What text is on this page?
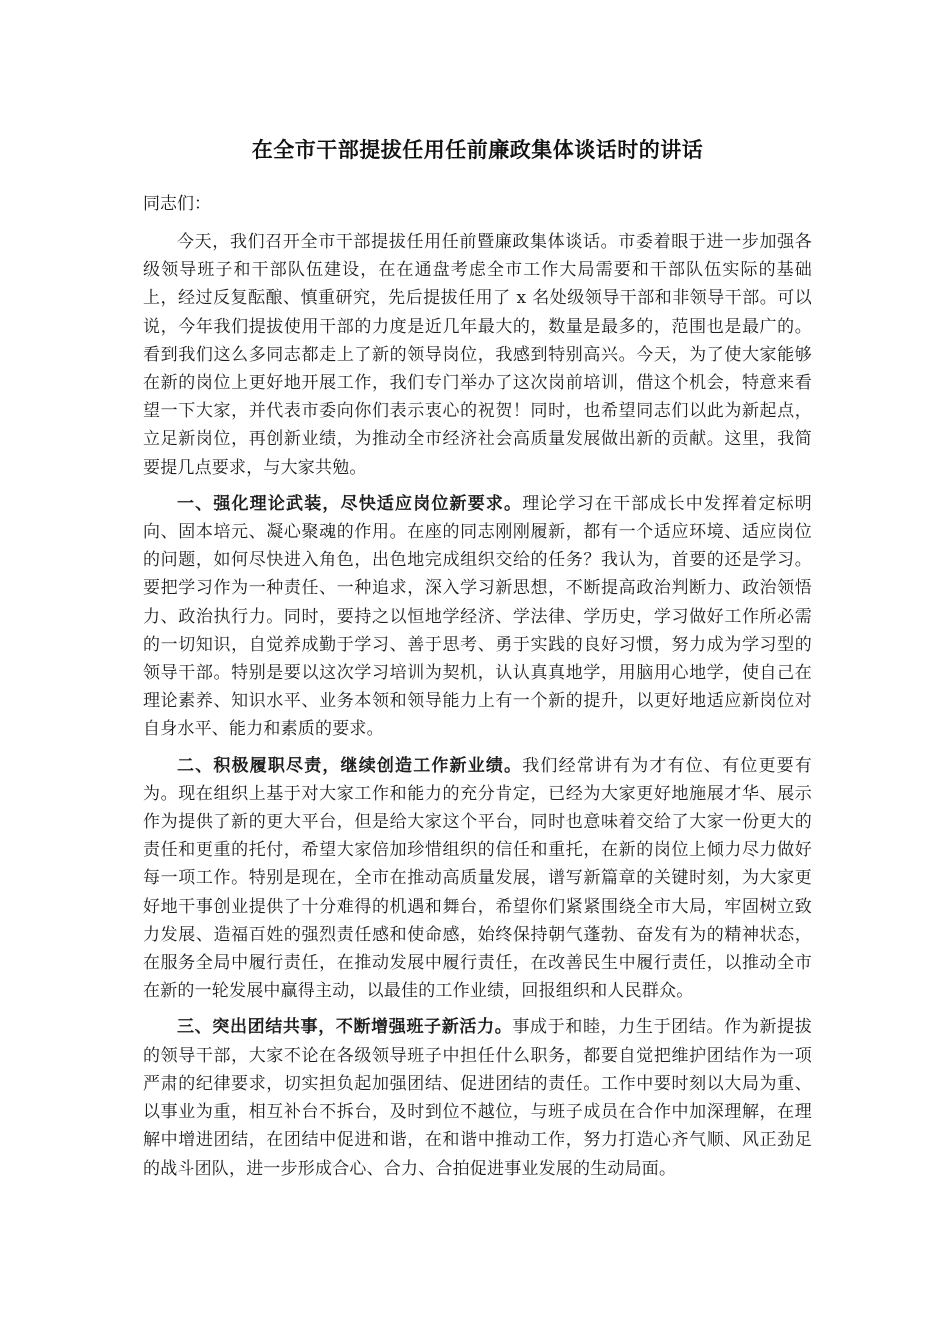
在全市干部提拔任用任前廉政集体谈话时的讲话

同志们：

今天，我们召开全市干部提拔任用任前暨廉政集体谈话。市委着眼于进一步加强各级领导班子和干部队伍建设，在在通盘考虑全市工作大局需要和干部队伍实际的基础上，经过反复酝酿、慎重研究，先后提拔任用了 x 名处级领导干部和非领导干部。可以说，今年我们提拔使用干部的力度是近几年最大的，数量是最多的，范围也是最广的。看到我们这么多同志都走上了新的领导岗位，我感到特别高兴。今天，为了使大家能够在新的岗位上更好地开展工作，我们专门举办了这次岗前培训，借这个机会，特意来看望一下大家，并代表市委向你们表示衷心的祝贺！同时，也希望同志们以此为新起点，立足新岗位，再创新业绩，为推动全市经济社会高质量发展做出新的贡献。这里，我简要提几点要求，与大家共勉。

一、强化理论武装，尽快适应岗位新要求。理论学习在干部成长中发挥着定标明向、固本培元、凝心聚魂的作用。在座的同志刚刚履新，都有一个适应环境、适应岗位的问题，如何尽快进入角色，出色地完成组织交给的任务？我认为，首要的还是学习。要把学习作为一种责任、一种追求，深入学习新思想，不断提高政治判断力、政治领悟力、政治执行力。同时，要持之以恒地学经济、学法律、学历史，学习做好工作所必需的一切知识，自觉养成勤于学习、善于思考、勇于实践的良好习惯，努力成为学习型的领导干部。特别是要以这次学习培训为契机，认认真真地学，用脑用心地学，使自己在理论素养、知识水平、业务本领和领导能力上有一个新的提升，以更好地适应新岗位对自身水平、能力和素质的要求。

二、积极履职尽责，继续创造工作新业绩。我们经常讲有为才有位、有位更要有为。现在组织上基于对大家工作和能力的充分肯定，已经为大家更好地施展才华、展示作为提供了新的更大平台，但是给大家这个平台，同时也意味着交给了大家一份更大的责任和更重的托付，希望大家倍加珍惜组织的信任和重托，在新的岗位上倾力尽力做好每一项工作。特别是现在，全市在推动高质量发展，谱写新篇章的关键时刻，为大家更好地干事创业提供了十分难得的机遇和舞台，希望你们紧紧围绕全市大局，牢固树立致力发展、造福百姓的强烈责任感和使命感，始终保持朝气蓬勃、奋发有为的精神状态，在服务全局中履行责任，在推动发展中履行责任，在改善民生中履行责任，以推动全市在新的一轮发展中赢得主动，以最佳的工作业绩，回报组织和人民群众。

三、突出团结共事，不断增强班子新活力。事成于和睦，力生于团结。作为新提拔的领导干部，大家不论在各级领导班子中担任什么职务，都要自觉把维护团结作为一项严肃的纪律要求，切实担负起加强团结、促进团结的责任。工作中要时刻以大局为重、以事业为重，相互补台不拆台，及时到位不越位，与班子成员在合作中加深理解，在理解中增进团结，在团结中促进和谐，在和谐中推动工作，努力打造心齐气顺、风正劲足的战斗团队，进一步形成合心、合力、合拍促进事业发展的生动局面。
